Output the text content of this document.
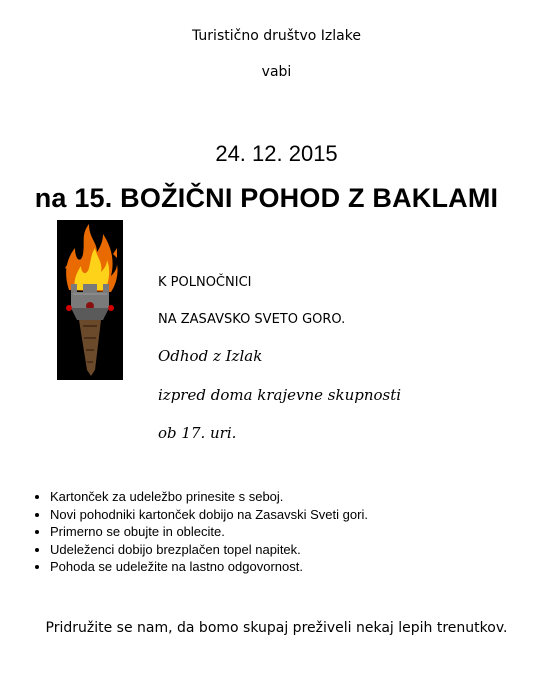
Turistično društvo Izlake
vabi
24. 12. 2015
na 15. BOŽIČNI POHOD Z BAKLAMI
K POLNOČNICI
NA ZASAVSKO SVETO GORO.
Odhod z Izlak
izpred doma krajevne skupnosti
ob 17. uri.
• Kartonček za udeležbo prinesite s seboj.
• Novi pohodniki kartonček dobijo na Zasavski Sveti gori.
• Primerno se obujte in oblecite.
• Udeleženci dobijo brezplačen topel napitek.
• Pohoda se udeležite na lastno odgovornost.
Pridružite se nam, da bomo skupaj preživeli nekaj lepih trenutkov.
